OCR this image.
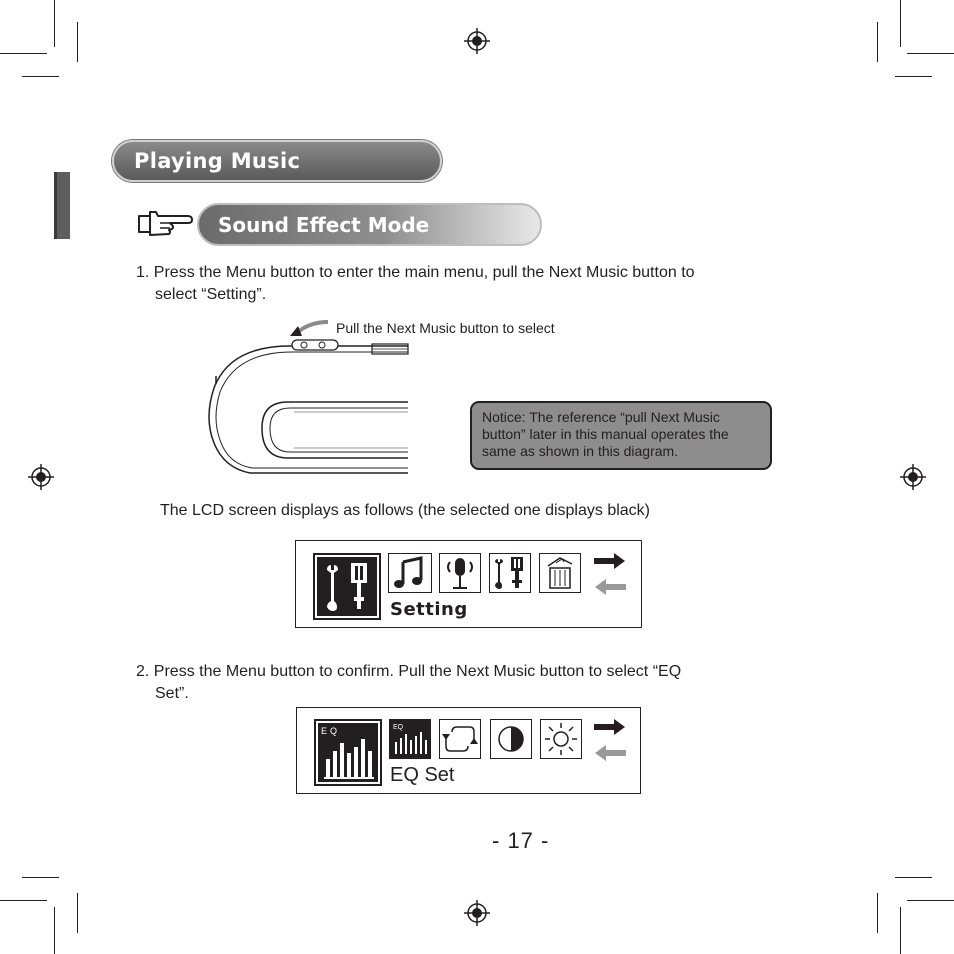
Playing Music
Sound Effect Mode
1. Press the Menu button to enter the main menu, pull the Next Music button to
select “Setting”.
Pull the Next Music button to select
Notice: The reference “pull Next Music button” later in this manual operates the same as shown in this diagram.
The LCD screen displays as follows (the selected one displays black)
Setting
2. Press the Menu button to confirm. Pull the Next Music button to select “EQ
Set”.
EQ	EQ
EQ Set
- 17 -
